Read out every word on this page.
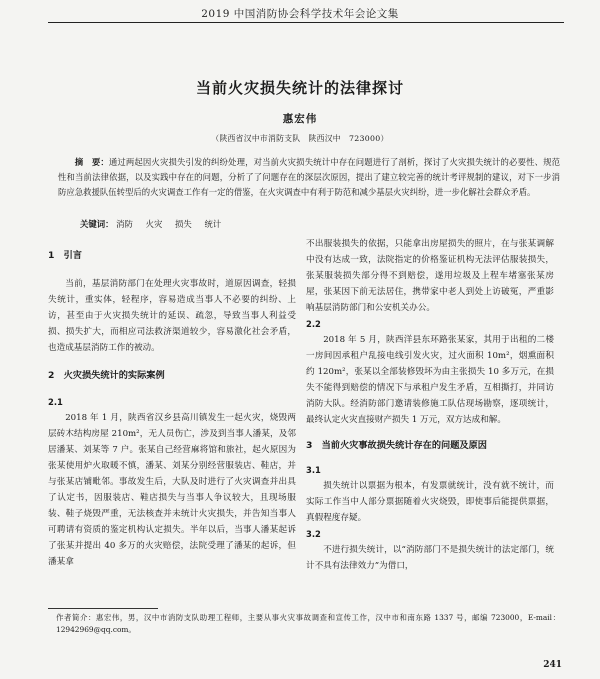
2019 中国消防协会科学技术年会论文集
当前火灾损失统计的法律探讨
惠宏伟
（陕西省汉中市消防支队　陕西汉中　723000）
摘　要：通过两起因火灾损失引发的纠纷处理，对当前火灾损失统计中存在问题进行了剖析，探讨了火灾损失统计的必要性、规范性和当前法律依据，以及实践中存在的问题，分析了了问题存在的深层次原因，提出了建立较完善的统计考评规制的建议，对下一步消防应急救援队伍转型后的火灾调查工作有一定的借鉴，在火灾调查中有利于防范和减少基层火灾纠纷，进一步化解社会群众矛盾。
关键词： 消防 火灾 损失 统计
1　引言

当前，基层消防部门在处理火灾事故时，道原因调查，轻损失统计，重实体，轻程序，容易造成当事人不必要的纠纷、上访，甚至由于火灾损失统计的延误、疏忽，导致当事人利益受损、损失扩大，而相应司法救济渠道较少，容易激化社会矛盾，也造成基层消防工作的被动。

2　火灾损失统计的实际案例
2.1

2018 年 1 月，陕西省汉乡县高川镇发生一起火灾，烧毁两层砖木结构房屋 210m²，无人员伤亡，涉及到当事人潘某，及邻居潘某、刘某等 7 户。张某自己经营麻将馆和旅社，起火原因为张某使用炉火取暖不慎，潘某、刘某分别经营服装店、鞋店，并与张某店铺毗邻。事故发生后，大队及时进行了火灾调查并出具了认定书，因服装店、鞋店损失与当事人争议较大，且现场服装、鞋子烧毁严重，无法核查并未统计火灾损失，并告知当事人可聘请有资质的鉴定机构认定损失。半年以后，当事人潘某起诉了张某并提出 40 多万的火灾赔偿，法院受理了潘某的起诉，但潘某拿

不出服装损失的依据，只能拿出房屋损失的照片，在与张某调解中没有达成一致，法院指定的价格鉴证机构无法评估服装损失，张某服装损失部分得不到赔偿，遂用垃圾及上程车堵塞张某房屋，张某因下前无法居住，携带家中老人到处上访破冤，严重影响基层消防部门和公安机关办公。

2.2

2018 年 5 月，陕西洋县东环路张某家，其用于出租的二楼一房间因承租户乱接电线引发火灾，过火面积 10m²，烟熏面积约 120m²，张某以全部装修毁坏为由主张损失 10 多万元，在损失不能得到赔偿的情况下与承租户发生矛盾，互相撕打，并同访消防大队。经消防部门邀请装修施工队估现场勘察，逐项统计，最终认定火灾直接财产损失 1 万元，双方达成和解。

3　当前火灾事故损失统计存在的问题及原因
3.1

损失统计以票据为根本，有发票就统计，没有就不统计，而实际工作当中人部分票据随着火灾烧毁，即使事后能提供票据，真假程度存疑。

3.2

不进行损失统计，以“消防部门不是损失统计的法定部门，统计不具有法律效力”为借口，

作者简介：惠宏伟，男，汉中市消防支队助理工程师，主要从事火灾事故调查和宣传工作，汉中市和南东路 1337 号，邮编 723000，E-mail：12942969@qq.com。
241
